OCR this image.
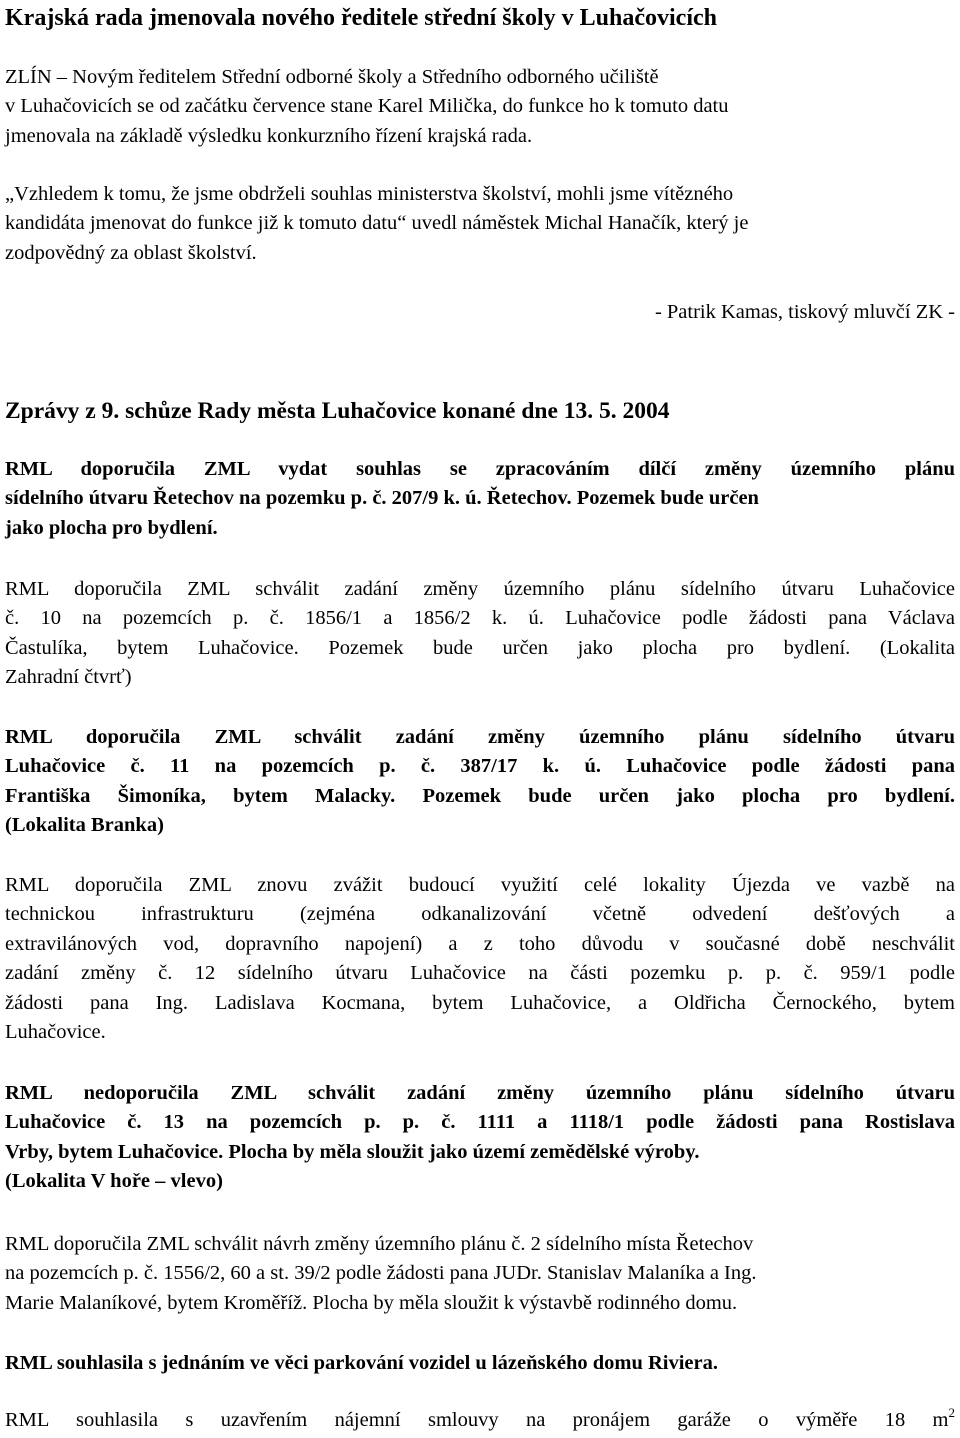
Krajská rada jmenovala nového ředitele střední školy v Luhačovicích

ZLÍN – Novým ředitelem Střední odborné školy a Středního odborného učiliště
v Luhačovicích se od začátku července stane Karel Milička, do funkce ho k tomuto datu
jmenovala na základě výsledku konkurzního řízení krajská rada.

„Vzhledem k tomu, že jsme obdrželi souhlas ministerstva školství, mohli jsme vítězného
kandidáta jmenovat do funkce již k tomuto datu“ uvedl náměstek Michal Hanačík, který je
zodpovědný za oblast školství.

- Patrik Kamas, tiskový mluvčí ZK -

Zprávy z 9. schůze Rady města Luhačovice konané dne 13. 5. 2004

RML doporučila ZML vydat souhlas se zpracováním dílčí změny územního plánu
sídelního útvaru Řetechov na pozemku p. č. 207/9 k. ú. Řetechov. Pozemek bude určen
jako plocha pro bydlení.

RML doporučila ZML schválit zadání změny územního plánu sídelního útvaru Luhačovice
č. 10 na pozemcích p. č. 1856/1 a 1856/2 k. ú. Luhačovice podle žádosti pana Václava
Častulíka, bytem Luhačovice. Pozemek bude určen jako plocha pro bydlení. (Lokalita
Zahradní čtvrť)

RML doporučila ZML schválit zadání změny územního plánu sídelního útvaru
Luhačovice č. 11 na pozemcích p. č. 387/17 k. ú. Luhačovice podle žádosti pana
Františka Šimoníka, bytem Malacky. Pozemek bude určen jako plocha pro bydlení.
(Lokalita Branka)

RML doporučila ZML znovu zvážit budoucí využití celé lokality Újezda ve vazbě na
technickou infrastrukturu (zejména odkanalizování včetně odvedení dešťových a
extravilánových vod, dopravního napojení) a z toho důvodu v současné době neschválit
zadání změny č. 12 sídelního útvaru Luhačovice na části pozemku p. p. č. 959/1 podle
žádosti pana Ing. Ladislava Kocmana, bytem Luhačovice, a Oldřicha Černockého, bytem
Luhačovice.

RML nedoporučila ZML schválit zadání změny územního plánu sídelního útvaru
Luhačovice č. 13 na pozemcích p. p. č. 1111 a 1118/1 podle žádosti pana Rostislava
Vrby, bytem Luhačovice. Plocha by měla sloužit jako území zemědělské výroby.
(Lokalita V hoře – vlevo)

RML doporučila ZML schválit návrh změny územního plánu č. 2 sídelního místa Řetechov
na pozemcích p. č. 1556/2, 60 a st. 39/2 podle žádosti pana JUDr. Stanislav Malaníka a Ing.
Marie Malaníkové, bytem Kroměříž. Plocha by měla sloužit k výstavbě rodinného domu.

RML souhlasila s jednáním ve věci parkování vozidel u lázeňského domu Riviera.

RML souhlasila s uzavřením nájemní smlouvy na pronájem garáže o výměře 18 $m^2$
